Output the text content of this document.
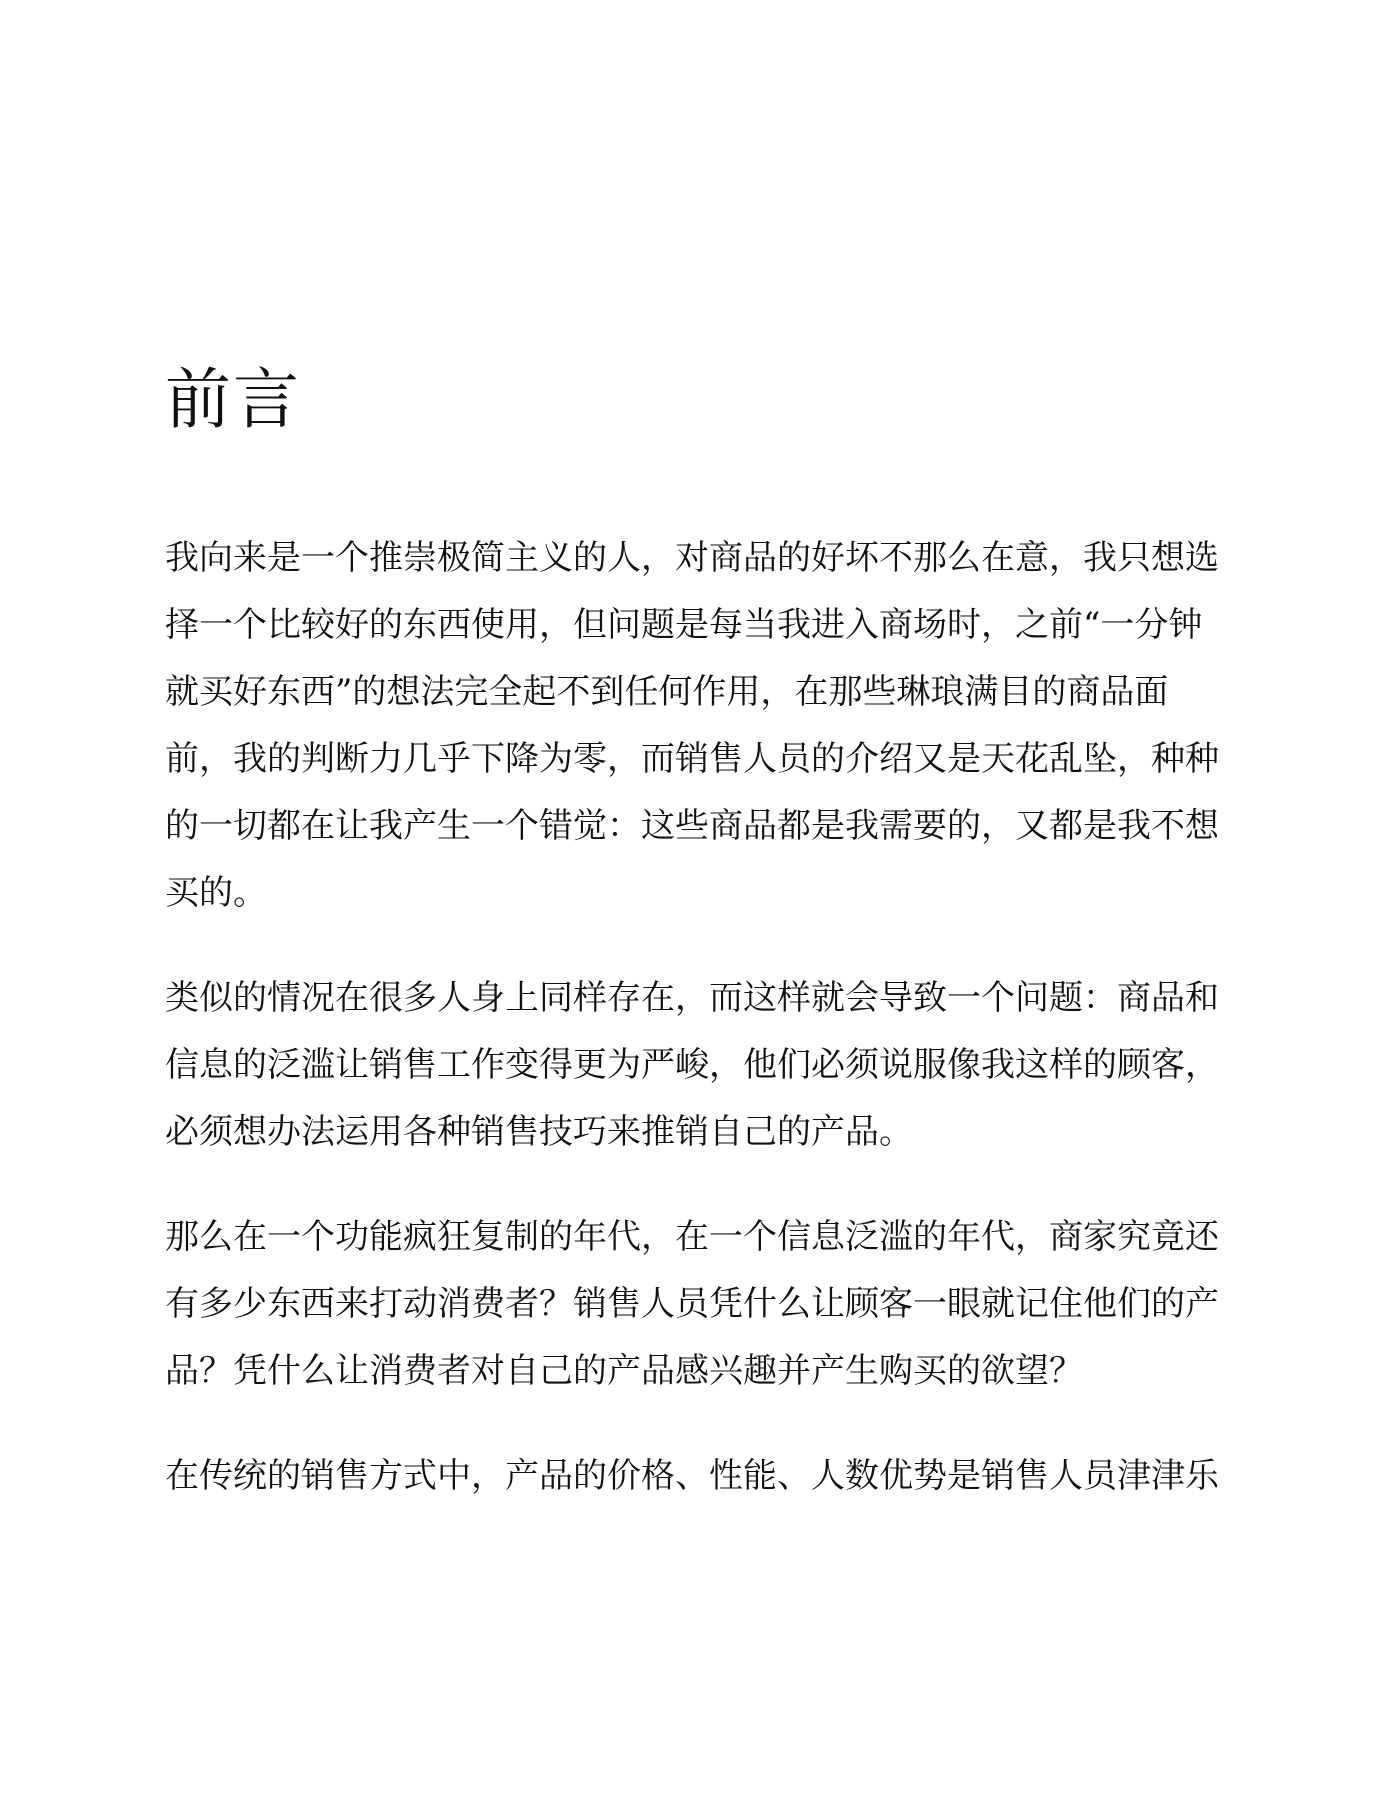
前言
我向来是一个推崇极简主义的人，对商品的好坏不那么在意，我只想选
择一个比较好的东西使用，但问题是每当我进入商场时，之前“一分钟
就买好东西”的想法完全起不到任何作用，在那些琳琅满目的商品面
前，我的判断力几乎下降为零，而销售人员的介绍又是天花乱坠，种种
的一切都在让我产生一个错觉：这些商品都是我需要的，又都是我不想
买的。
类似的情况在很多人身上同样存在，而这样就会导致一个问题：商品和
信息的泛滥让销售工作变得更为严峻，他们必须说服像我这样的顾客，
必须想办法运用各种销售技巧来推销自己的产品。
那么在一个功能疯狂复制的年代，在一个信息泛滥的年代，商家究竟还
有多少东西来打动消费者？销售人员凭什么让顾客一眼就记住他们的产
品？凭什么让消费者对自己的产品感兴趣并产生购买的欲望？
在传统的销售方式中，产品的价格、性能、人数优势是销售人员津津乐
